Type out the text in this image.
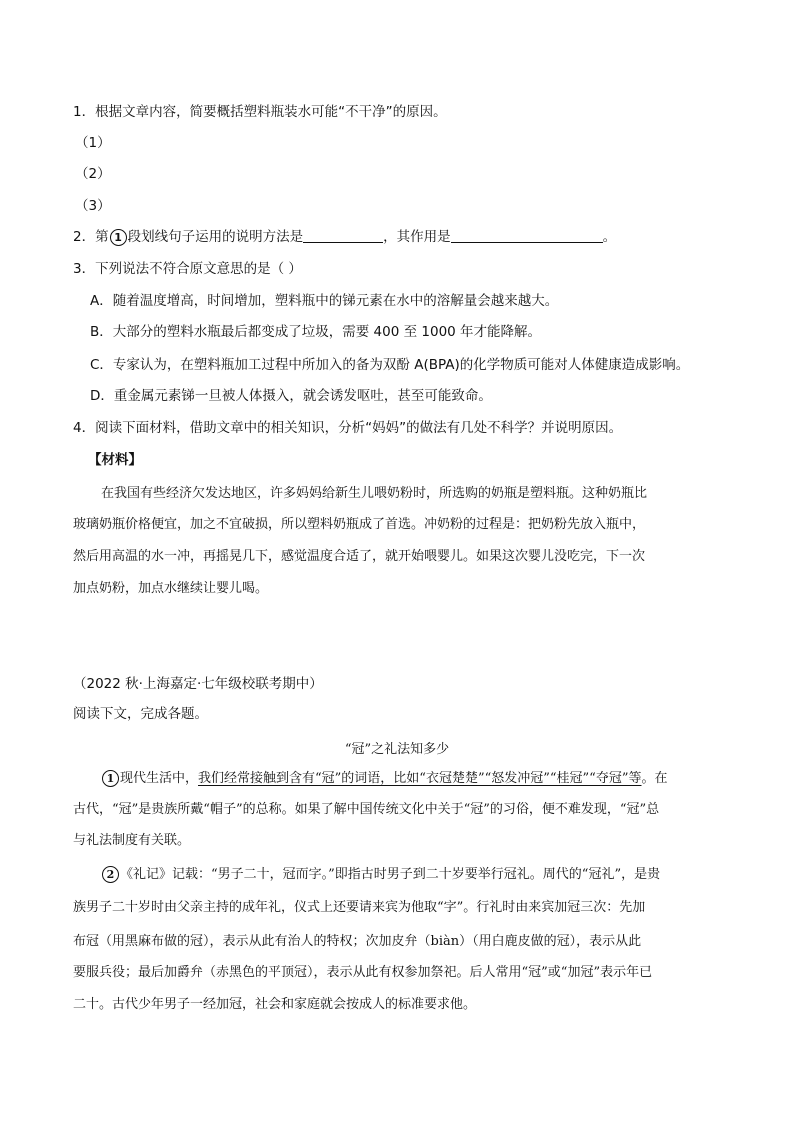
1．根据文章内容，简要概括塑料瓶装水可能“不干净”的原因。
（1）
（2）
（3）
2．第 1 段划线句子运用的说明方法是	，其作用是	。
3．下列说法不符合原文意思的是（ ）
A．随着温度增高，时间增加，塑料瓶中的锑元素在水中的溶解量会越来越大。
B．大部分的塑料水瓶最后都变成了垃圾，需要 400 至 1000 年才能降解。
C．专家认为，在塑料瓶加工过程中所加入的备为双酚 A(BPA)的化学物质可能对人体健康造成影响。
D．重金属元素锑一旦被人体摄入，就会诱发呕吐，甚至可能致命。
4．阅读下面材料，借助文章中的相关知识，分析“妈妈”的做法有几处不科学？并说明原因。
【材料】
在我国有些经济欠发达地区，许多妈妈给新生儿喂奶粉时，所选购的奶瓶是塑料瓶。这种奶瓶比
玻璃奶瓶价格便宜，加之不宜破损，所以塑料奶瓶成了首选。冲奶粉的过程是：把奶粉先放入瓶中，
然后用高温的水一冲，再摇晃几下，感觉温度合适了，就开始喂婴儿。如果这次婴儿没吃完，下一次
加点奶粉，加点水继续让婴儿喝。
（2022 秋·上海嘉定·七年级校联考期中）
阅读下文，完成各题。
“冠”之礼法知多少
1 现代生活中，我们经常接触到含有“冠”的词语，比如“衣冠楚楚”“怒发冲冠”“桂冠”“夺冠”等。在
古代，“冠”是贵族所戴“帽子”的总称。如果了解中国传统文化中关于“冠”的习俗，便不难发现，“冠”总
与礼法制度有关联。
2 《礼记》记载：“男子二十，冠而字。”即指古时男子到二十岁要举行冠礼。周代的“冠礼”，是贵
族男子二十岁时由父亲主持的成年礼，仪式上还要请来宾为他取“字”。行礼时由来宾加冠三次：先加
布冠（用黑麻布做的冠），表示从此有治人的特权；次加皮弁（biàn）（用白鹿皮做的冠），表示从此
要服兵役；最后加爵弁（赤黑色的平顶冠），表示从此有权参加祭祀。后人常用“冠”或“加冠”表示年已
二十。古代少年男子一经加冠，社会和家庭就会按成人的标准要求他。
